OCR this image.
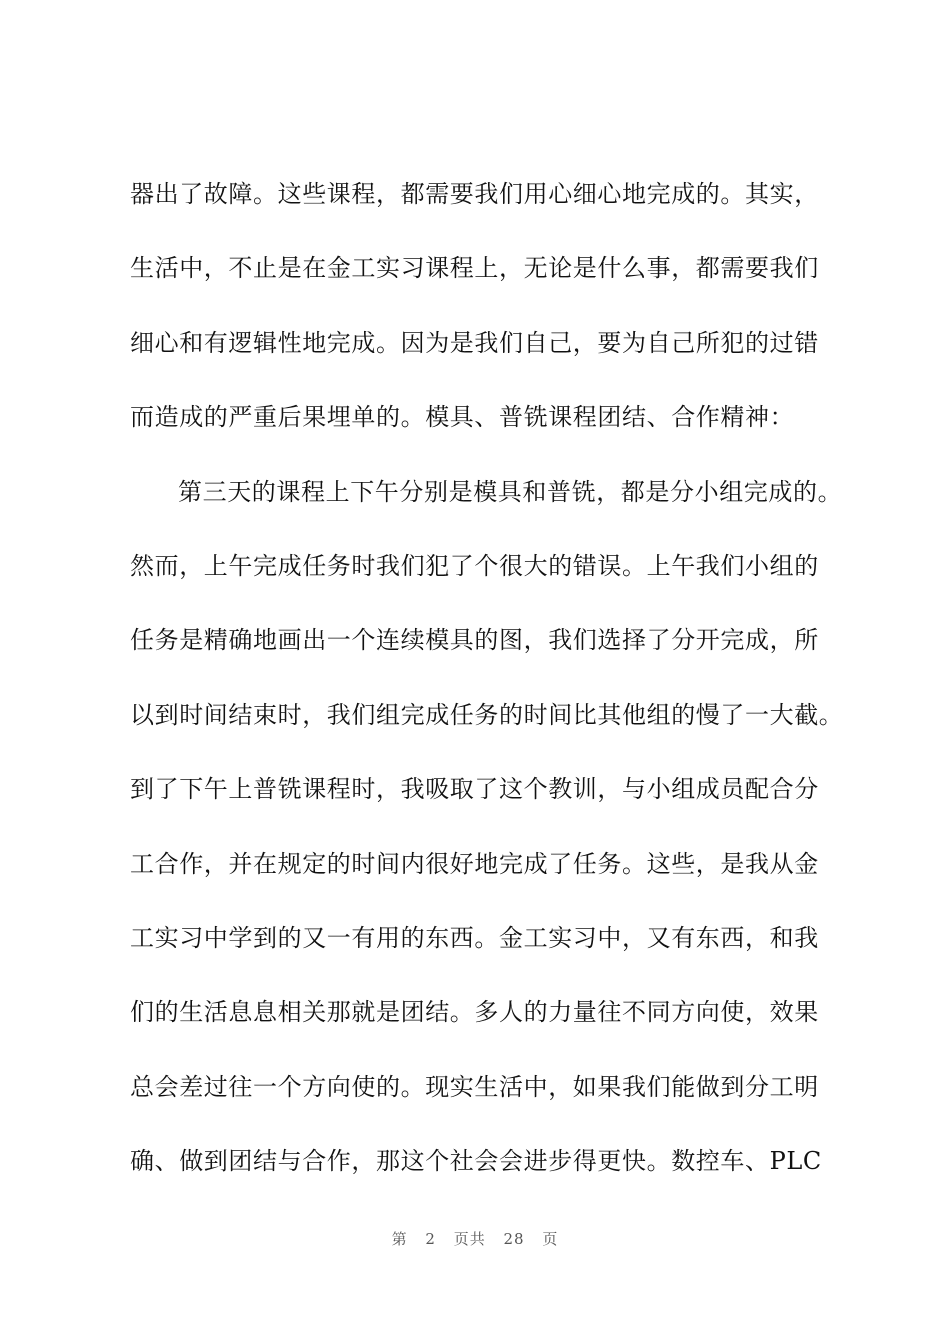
器出了故障。这些课程，都需要我们用心细心地完成的。其实，
生活中，不止是在金工实习课程上，无论是什么事，都需要我们
细心和有逻辑性地完成。因为是我们自己，要为自己所犯的过错
而造成的严重后果埋单的。模具、普铣课程团结、合作精神：
第三天的课程上下午分别是模具和普铣，都是分小组完成的。
然而，上午完成任务时我们犯了个很大的错误。上午我们小组的
任务是精确地画出一个连续模具的图，我们选择了分开完成，所
以到时间结束时，我们组完成任务的时间比其他组的慢了一大截。
到了下午上普铣课程时，我吸取了这个教训，与小组成员配合分
工合作，并在规定的时间内很好地完成了任务。这些，是我从金
工实习中学到的又一有用的东西。金工实习中，又有东西，和我
们的生活息息相关那就是团结。多人的力量往不同方向使，效果
总会差过往一个方向使的。现实生活中，如果我们能做到分工明
确、做到团结与合作，那这个社会会进步得更快。数控车、PLC
第 2 页共 28 页
